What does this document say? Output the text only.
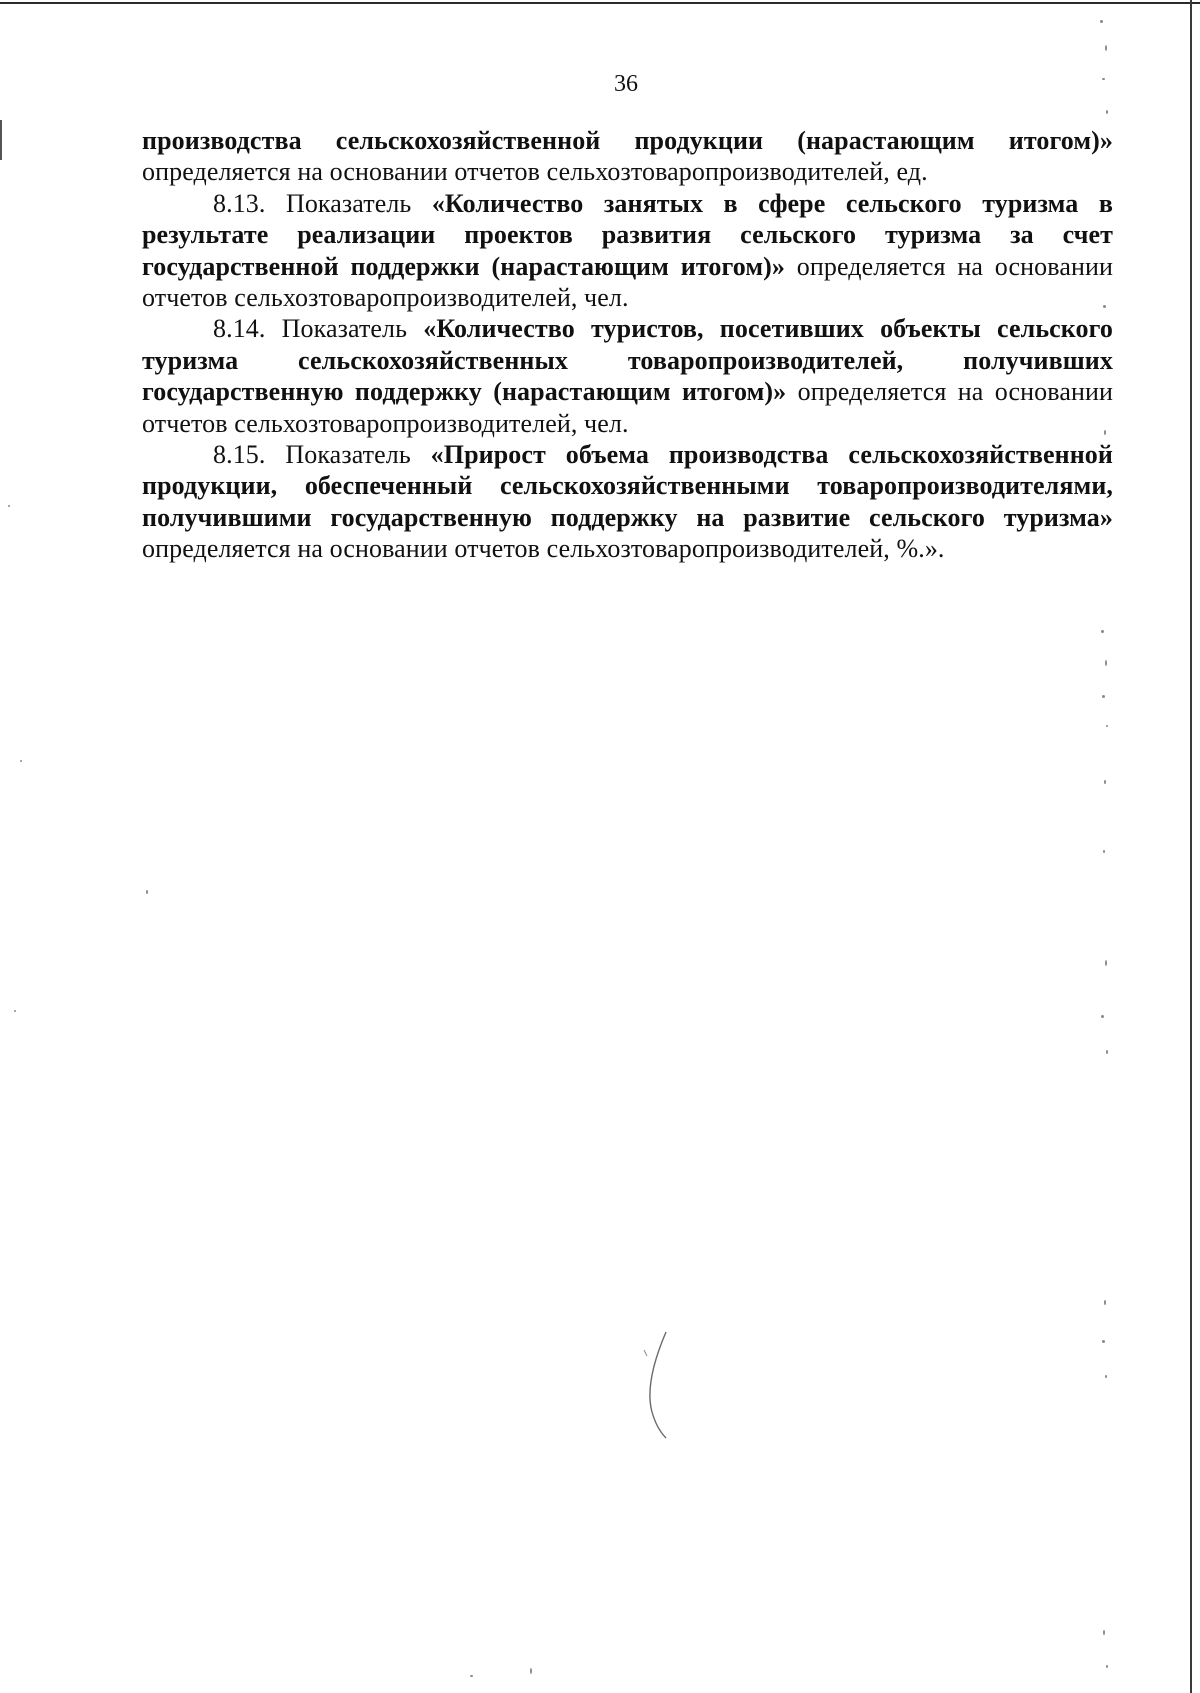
36

производства сельскохозяйственной продукции (нарастающим итогом)» определяется на основании отчетов сельхозтоваропроизводителей, ед.

8.13. Показатель «Количество занятых в сфере сельского туризма в результате реализации проектов развития сельского туризма за счет государственной поддержки (нарастающим итогом)» определяется на основании отчетов сельхозтоваропроизводителей, чел.

8.14. Показатель «Количество туристов, посетивших объекты сельского туризма сельскохозяйственных товаропроизводителей, получивших государственную поддержку (нарастающим итогом)» определяется на основании отчетов сельхозтоваропроизводителей, чел.

8.15. Показатель «Прирост объема производства сельскохозяйственной продукции, обеспеченный сельскохозяйственными товаропроизводителями, получившими государственную поддержку на развитие сельского туризма» определяется на основании отчетов сельхозтоваропроизводителей, %.».
